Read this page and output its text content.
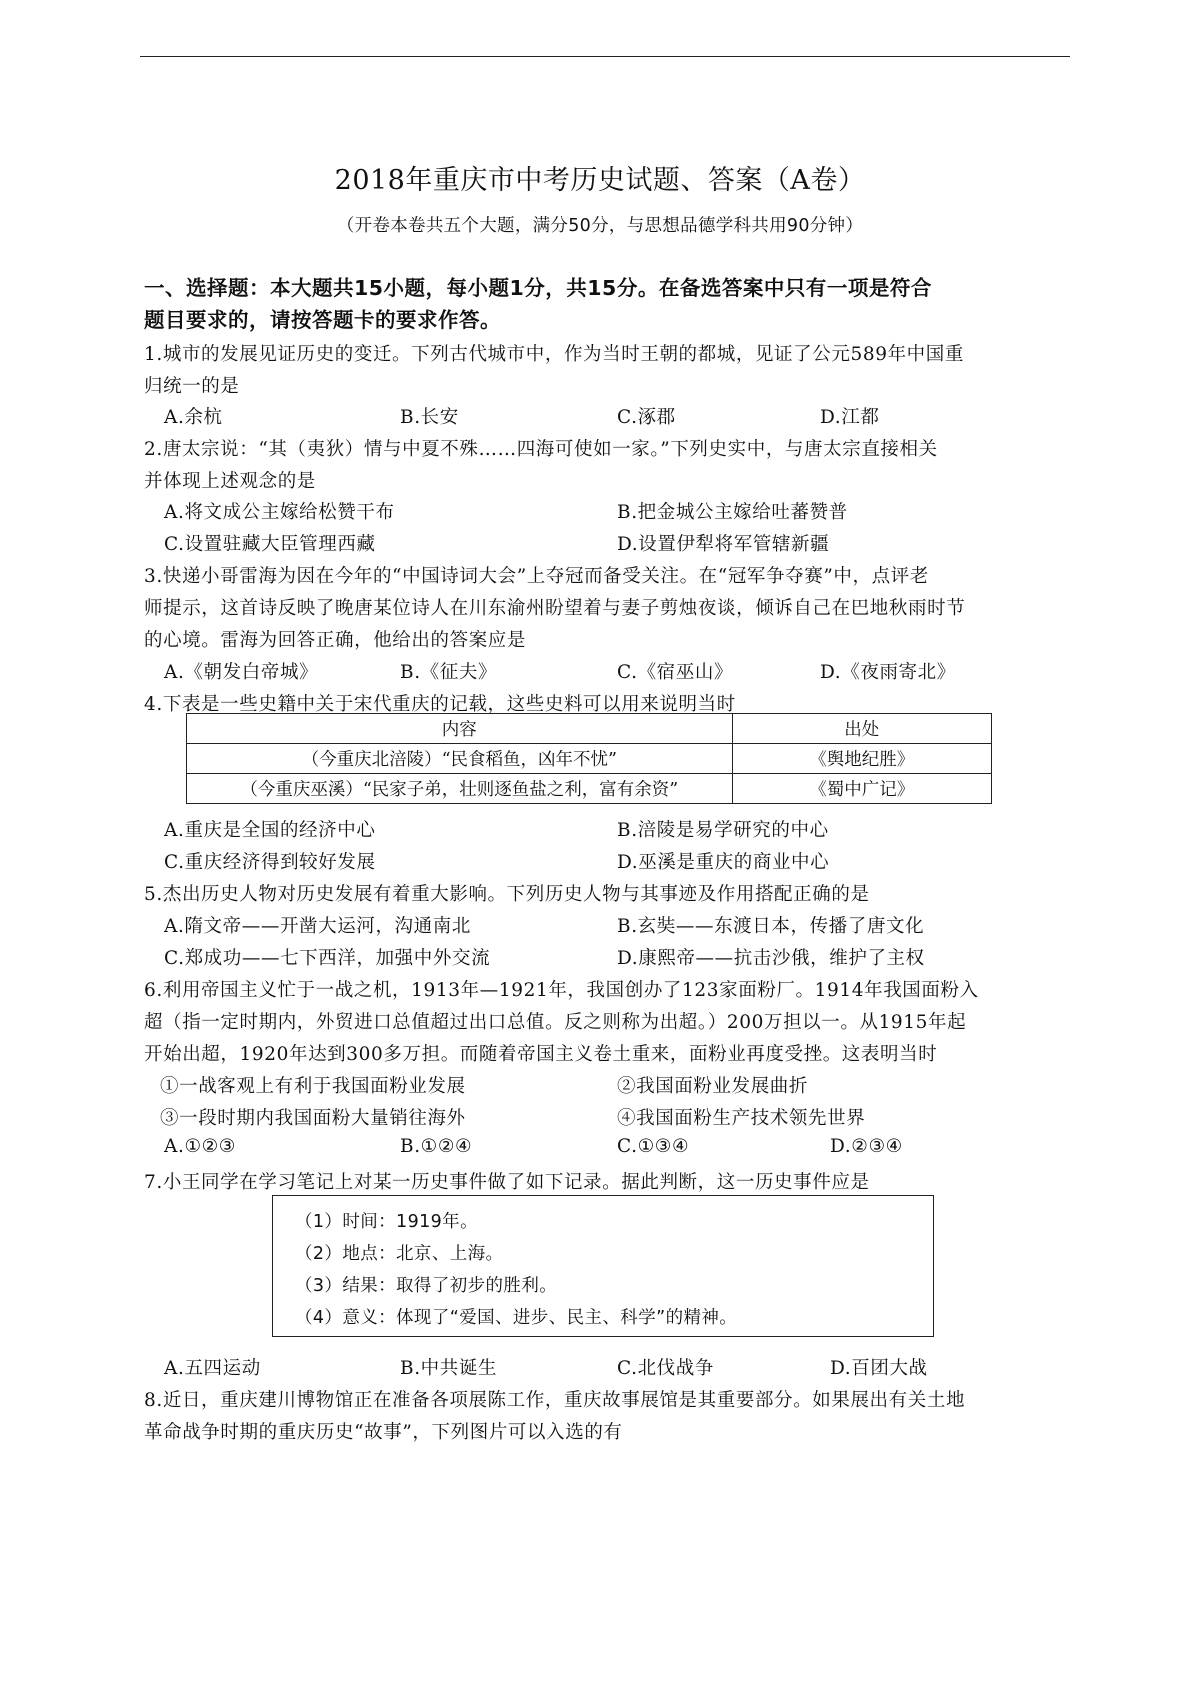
2018年重庆市中考历史试题、答案（A卷）
（开卷本卷共五个大题，满分50分，与思想品德学科共用90分钟）
一、选择题：本大题共15小题，每小题1分，共15分。在备选答案中只有一项是符合
题目要求的，请按答题卡的要求作答。
1.城市的发展见证历史的变迁。下列古代城市中，作为当时王朝的都城，见证了公元589年中国重
归统一的是
A.余杭	B.长安	C.涿郡	D.江都
2.唐太宗说：“其（夷狄）情与中夏不殊……四海可使如一家。”下列史实中，与唐太宗直接相关
并体现上述观念的是
A.将文成公主嫁给松赞干布	B.把金城公主嫁给吐蕃赞普
C.设置驻藏大臣管理西藏	D.设置伊犁将军管辖新疆
3.快递小哥雷海为因在今年的“中国诗词大会”上夺冠而备受关注。在“冠军争夺赛”中，点评老
师提示，这首诗反映了晚唐某位诗人在川东渝州盼望着与妻子剪烛夜谈，倾诉自己在巴地秋雨时节
的心境。雷海为回答正确，他给出的答案应是
A.《朝发白帝城》	B.《征夫》	C.《宿巫山》	D.《夜雨寄北》
4.下表是一些史籍中关于宋代重庆的记载，这些史料可以用来说明当时
内容	出处
（今重庆北涪陵）“民食稻鱼，凶年不忧”	《舆地纪胜》
（今重庆巫溪）“民家子弟，壮则逐鱼盐之利，富有余资”	《蜀中广记》
A.重庆是全国的经济中心	B.涪陵是易学研究的中心
C.重庆经济得到较好发展	D.巫溪是重庆的商业中心
5.杰出历史人物对历史发展有着重大影响。下列历史人物与其事迹及作用搭配正确的是
A.隋文帝——开凿大运河，沟通南北	B.玄奘——东渡日本，传播了唐文化
C.郑成功——七下西洋，加强中外交流	D.康熙帝——抗击沙俄，维护了主权
6.利用帝国主义忙于一战之机，1913年—1921年，我国创办了123家面粉厂。1914年我国面粉入
超（指一定时期内，外贸进口总值超过出口总值。反之则称为出超。）200万担以一。从1915年起
开始出超，1920年达到300多万担。而随着帝国主义卷土重来，面粉业再度受挫。这表明当时
①一战客观上有利于我国面粉业发展	②我国面粉业发展曲折
③一段时期内我国面粉大量销往海外	④我国面粉生产技术领先世界
A.①②③	B.①②④	C.①③④	D.②③④
7.小王同学在学习笔记上对某一历史事件做了如下记录。据此判断，这一历史事件应是
（1）时间：1919年。
（2）地点：北京、上海。
（3）结果：取得了初步的胜利。
（4）意义：体现了“爱国、进步、民主、科学”的精神。
A.五四运动	B.中共诞生	C.北伐战争	D.百团大战
8.近日，重庆建川博物馆正在准备各项展陈工作，重庆故事展馆是其重要部分。如果展出有关土地
革命战争时期的重庆历史“故事”，下列图片可以入选的有
